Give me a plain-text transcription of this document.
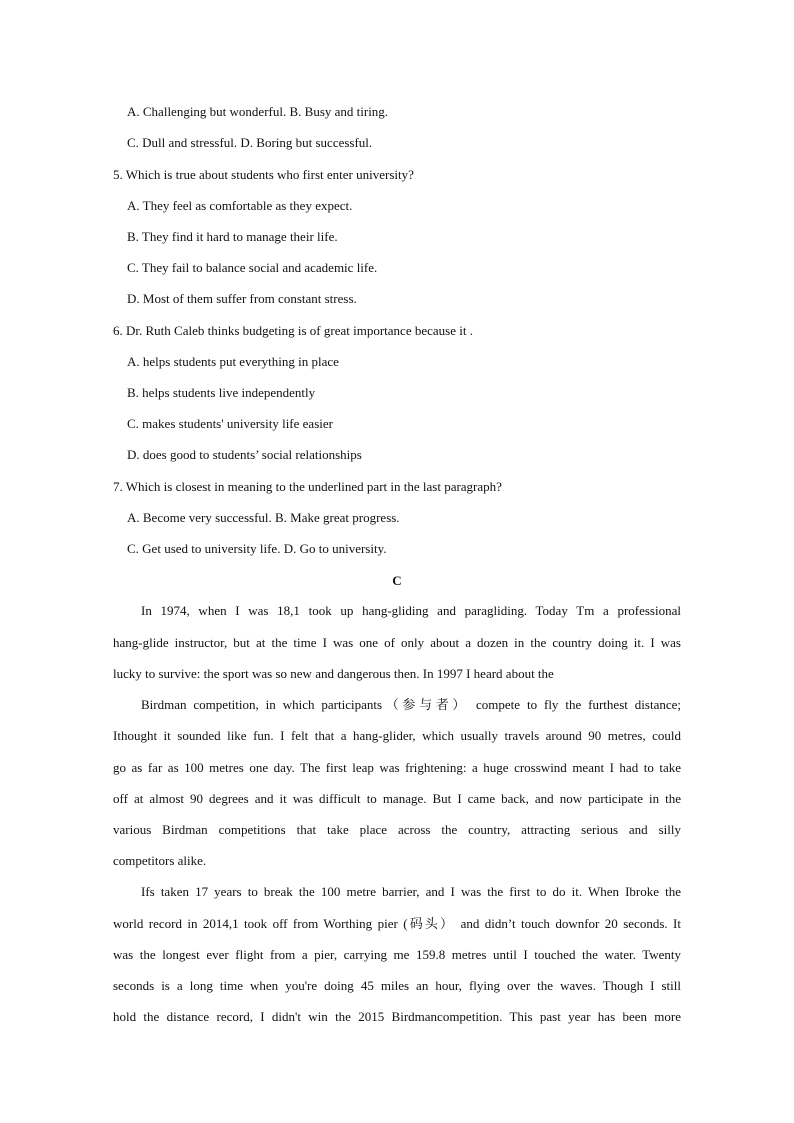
A. Challenging but wonderful. B. Busy and tiring.
C. Dull and stressful. D. Boring but successful.
5. Which is true about students who first enter university?
A. They feel as comfortable as they expect.
B. They find it hard to manage their life.
C. They fail to balance social and academic life.
D. Most of them suffer from constant stress.
6. Dr. Ruth Caleb thinks budgeting is of great importance because it .
A. helps students put everything in place
B. helps students live independently
C. makes students' university life easier
D. does good to students’ social relationships
7. Which is closest in meaning to the underlined part in the last paragraph?
A. Become very successful. B. Make great progress.
C. Get used to university life. D. Go to university.
C
In 1974, when I was 18,1 took up hang-gliding and paragliding. Today Tm a professional
hang-glide instructor, but at the time I was one of only about a dozen in the country doing it. I was
lucky to survive: the sport was so new and dangerous then. In 1997 I heard about the
Birdman competition, in which participants（参与者） compete to fly the furthest distance;
Ithought it sounded like fun. I felt that a hang-glider, which usually travels around 90 metres, could
go as far as 100 metres one day. The first leap was frightening: a huge crosswind meant I had to take
off at almost 90 degrees and it was difficult to manage. But I came back, and now participate in the
various Birdman competitions that take place across the country, attracting serious and silly
competitors alike.
Ifs taken 17 years to break the 100 metre barrier, and I was the first to do it. When Ibroke the
world record in 2014,1 took off from Worthing pier (码头） and didn’t touch downfor 20 seconds. It
was the longest ever flight from a pier, carrying me 159.8 metres until I touched the water. Twenty
seconds is a long time when you're doing 45 miles an hour, flying over the waves. Though I still
hold the distance record, I didn't win the 2015 Birdmancompetition. This past year has been more
